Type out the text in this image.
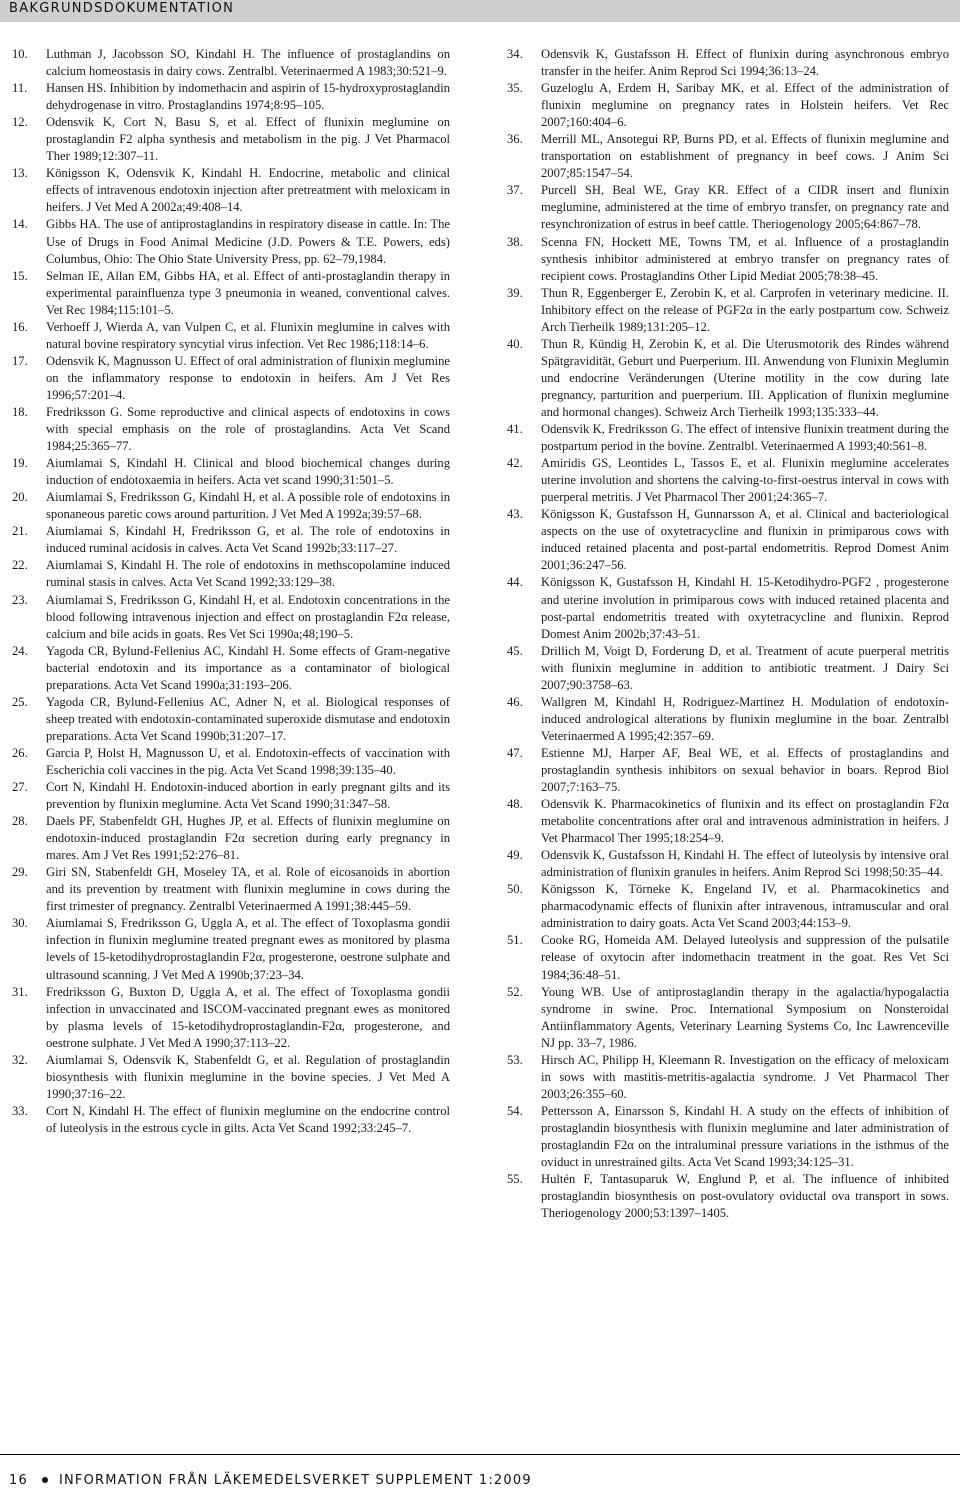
BAKGRUNDSDOKUMENTATION

10. Luthman J, Jacobsson SO, Kindahl H. The influence of prostaglandins on calcium homeostasis in dairy cows. Zentralbl. Veterinaermed A 1983;30:521–9.

11. Hansen HS. Inhibition by indomethacin and aspirin of 15-hydroxyprostaglandin dehydrogenase in vitro. Prostaglandins 1974;8:95–105.

12. Odensvik K, Cort N, Basu S, et al. Effect of flunixin meglumine on prostaglandin F2 alpha synthesis and metabolism in the pig. J Vet Pharmacol Ther 1989;12:307–11.

13. Königsson K, Odensvik K, Kindahl H. Endocrine, metabolic and clinical effects of intravenous endotoxin injection after pretreatment with meloxicam in heifers. J Vet Med A 2002a;49:408–14.

14. Gibbs HA. The use of antiprostaglandins in respiratory disease in cattle. In: The Use of Drugs in Food Animal Medicine (J.D. Powers & T.E. Powers, eds) Columbus, Ohio: The Ohio State University Press, pp. 62–79,1984.

15. Selman IE, Allan EM, Gibbs HA, et al. Effect of anti-prostaglandin therapy in experimental parainfluenza type 3 pneumonia in weaned, conventional calves. Vet Rec 1984;115:101–5.

16. Verhoeff J, Wierda A, van Vulpen C, et al. Flunixin meglumine in calves with natural bovine respiratory syncytial virus infection. Vet Rec 1986;118:14–6.

17. Odensvik K, Magnusson U. Effect of oral administration of flunixin meglumine on the inflammatory response to endotoxin in heifers. Am J Vet Res 1996;57:201–4.

18. Fredriksson G. Some reproductive and clinical aspects of endotoxins in cows with special emphasis on the role of prostaglandins. Acta Vet Scand 1984;25:365–77.

19. Aiumlamai S, Kindahl H. Clinical and blood biochemical changes during induction of endotoxaemia in heifers. Acta vet scand 1990;31:501–5.

20. Aiumlamai S, Fredriksson G, Kindahl H, et al. A possible role of endotoxins in sponaneous paretic cows around parturition. J Vet Med A 1992a;39:57–68.

21. Aiumlamai S, Kindahl H, Fredriksson G, et al. The role of endotoxins in induced ruminal acidosis in calves. Acta Vet Scand 1992b;33:117–27.

22. Aiumlamai S, Kindahl H. The role of endotoxins in methscopolamine induced ruminal stasis in calves. Acta Vet Scand 1992;33:129–38.

23. Aiumlamai S, Fredriksson G, Kindahl H, et al. Endotoxin concentrations in the blood following intravenous injection and effect on prostaglandin F2α release, calcium and bile acids in goats. Res Vet Sci 1990a;48;190–5.

24. Yagoda CR, Bylund-Fellenius AC, Kindahl H. Some effects of Gram-negative bacterial endotoxin and its importance as a contaminator of biological preparations. Acta Vet Scand 1990a;31:193–206.

25. Yagoda CR, Bylund-Fellenius AC, Adner N, et al. Biological responses of sheep treated with endotoxin-contaminated superoxide dismutase and endotoxin preparations. Acta Vet Scand 1990b;31:207–17.

26. Garcia P, Holst H, Magnusson U, et al. Endotoxin-effects of vaccination with Escherichia coli vaccines in the pig. Acta Vet Scand 1998;39:135–40.

27. Cort N, Kindahl H. Endotoxin-induced abortion in early pregnant gilts and its prevention by flunixin meglumine. Acta Vet Scand 1990;31:347–58.

28. Daels PF, Stabenfeldt GH, Hughes JP, et al. Effects of flunixin meglumine on endotoxin-induced prostaglandin F2α secretion during early pregnancy in mares. Am J Vet Res 1991;52:276–81.

29. Giri SN, Stabenfeldt GH, Moseley TA, et al. Role of eicosanoids in abortion and its prevention by treatment with flunixin meglumine in cows during the first trimester of pregnancy. Zentralbl Veterinaermed A 1991;38:445–59.

30. Aiumlamai S, Fredriksson G, Uggla A, et al. The effect of Toxoplasma gondii infection in flunixin meglumine treated pregnant ewes as monitored by plasma levels of 15-ketodihydroprostaglandin F2α, progesterone, oestrone sulphate and ultrasound scanning. J Vet Med A 1990b;37:23–34.

31. Fredriksson G, Buxton D, Uggla A, et al. The effect of Toxoplasma gondii infection in unvaccinated and ISCOM-vaccinated pregnant ewes as monitored by plasma levels of 15-ketodihydroprostaglandin-F2α, progesterone, and oestrone sulphate. J Vet Med A 1990;37:113–22.

32. Aiumlamai S, Odensvik K, Stabenfeldt G, et al. Regulation of prostaglandin biosynthesis with flunixin meglumine in the bovine species. J Vet Med A 1990;37:16–22.

33. Cort N, Kindahl H. The effect of flunixin meglumine on the endocrine control of luteolysis in the estrous cycle in gilts. Acta Vet Scand 1992;33:245–7.

34. Odensvik K, Gustafsson H. Effect of flunixin during asynchronous embryo transfer in the heifer. Anim Reprod Sci 1994;36:13–24.

35. Guzeloglu A, Erdem H, Saribay MK, et al. Effect of the administration of flunixin meglumine on pregnancy rates in Holstein heifers. Vet Rec 2007;160:404–6.

36. Merrill ML, Ansotegui RP, Burns PD, et al. Effects of flunixin meglumine and transportation on establishment of pregnancy in beef cows. J Anim Sci 2007;85:1547–54.

37. Purcell SH, Beal WE, Gray KR. Effect of a CIDR insert and flunixin meglumine, administered at the time of embryo transfer, on pregnancy rate and resynchronization of estrus in beef cattle. Theriogenology 2005;64:867–78.

38. Scenna FN, Hockett ME, Towns TM, et al. Influence of a prostaglandin synthesis inhibitor administered at embryo transfer on pregnancy rates of recipient cows. Prostaglandins Other Lipid Mediat 2005;78:38–45.

39. Thun R, Eggenberger E, Zerobin K, et al. Carprofen in veterinary medicine. II. Inhibitory effect on the release of PGF2α in the early postpartum cow. Schweiz Arch Tierheilk 1989;131:205–12.

40. Thun R, Kündig H, Zerobin K, et al. Die Uterusmotorik des Rindes während Spätgravidität, Geburt und Puerperium. III. Anwendung von Flunixin Meglumin und endocrine Veränderungen (Uterine motility in the cow during late pregnancy, parturition and puerperium. III. Application of flunixin meglumine and hormonal changes). Schweiz Arch Tierheilk 1993;135:333–44.

41. Odensvik K, Fredriksson G. The effect of intensive flunixin treatment during the postpartum period in the bovine. Zentralbl. Veterinaermed A 1993;40:561–8.

42. Amiridis GS, Leontides L, Tassos E, et al. Flunixin meglumine accelerates uterine involution and shortens the calving-to-first-oestrus interval in cows with puerperal metritis. J Vet Pharmacol Ther 2001;24:365–7.

43. Königsson K, Gustafsson H, Gunnarsson A, et al. Clinical and bacteriological aspects on the use of oxytetracycline and flunixin in primiparous cows with induced retained placenta and post-partal endometritis. Reprod Domest Anim 2001;36:247–56.

44. Königsson K, Gustafsson H, Kindahl H. 15-Ketodihydro-PGF2 , progesterone and uterine involution in primiparous cows with induced retained placenta and post-partal endometritis treated with oxytetracycline and flunixin. Reprod Domest Anim 2002b;37:43–51.

45. Drillich M, Voigt D, Forderung D, et al. Treatment of acute puerperal metritis with flunixin meglumine in addition to antibiotic treatment. J Dairy Sci 2007;90:3758–63.

46. Wallgren M, Kindahl H, Rodriguez-Martinez H. Modulation of endotoxin-induced andrological alterations by flunixin meglumine in the boar. Zentralbl Veterinaermed A 1995;42:357–69.

47. Estienne MJ, Harper AF, Beal WE, et al. Effects of prostaglandins and prostaglandin synthesis inhibitors on sexual behavior in boars. Reprod Biol 2007;7:163–75.

48. Odensvik K. Pharmacokinetics of flunixin and its effect on prostaglandin F2α metabolite concentrations after oral and intravenous administration in heifers. J Vet Pharmacol Ther 1995;18:254–9.

49. Odensvik K, Gustafsson H, Kindahl H. The effect of luteolysis by intensive oral administration of flunixin granules in heifers. Anim Reprod Sci 1998;50:35–44.

50. Königsson K, Törneke K, Engeland IV, et al. Pharmacokinetics and pharmacodynamic effects of flunixin after intravenous, intramuscular and oral administration to dairy goats. Acta Vet Scand 2003;44:153–9.

51. Cooke RG, Homeida AM. Delayed luteolysis and suppression of the pulsatile release of oxytocin after indomethacin treatment in the goat. Res Vet Sci 1984;36:48–51.

52. Young WB. Use of antiprostaglandin therapy in the agalactia/hypogalactia syndrome in swine. Proc. International Symposium on Nonsteroidal Antiinflammatory Agents, Veterinary Learning Systems Co, Inc Lawrenceville NJ pp. 33–7, 1986.

53. Hirsch AC, Philipp H, Kleemann R. Investigation on the efficacy of meloxicam in sows with mastitis-metritis-agalactia syndrome. J Vet Pharmacol Ther 2003;26:355–60.

54. Pettersson A, Einarsson S, Kindahl H. A study on the effects of inhibition of prostaglandin biosynthesis with flunixin meglumine and later administration of prostaglandin F2α on the intraluminal pressure variations in the isthmus of the oviduct in unrestrained gilts. Acta Vet Scand 1993;34:125–31.

55. Hultén F, Tantasuparuk W, Englund P, et al. The influence of inhibited prostaglandin biosynthesis on post-ovulatory oviductal ova transport in sows. Theriogenology 2000;53:1397–1405.

16 INFORMATION FRÅN LÄKEMEDELSVERKET SUPPLEMENT 1:2009
